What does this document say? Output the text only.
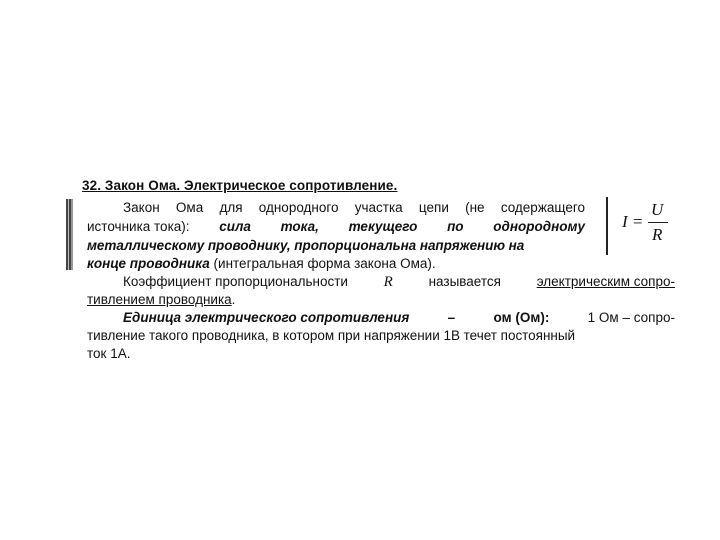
32. Закон Ома. Электрическое сопротивление.
Закон Ома для однородного участка цепи (не содержащего
источника тока): сила тока, текущего по однородному
металлическому проводнику, пропорциональна напряжению на
конце проводника (интегральная форма закона Ома).
I =
U
R
Коэффициент пропорциональности R	называется	электрическим сопро-
тивлением проводника.
Единица электрического сопротивления	–	ом (Ом):	1 Ом – сопро-
тивление такого проводника, в котором при напряжении 1В течет постоянный
ток 1А.
